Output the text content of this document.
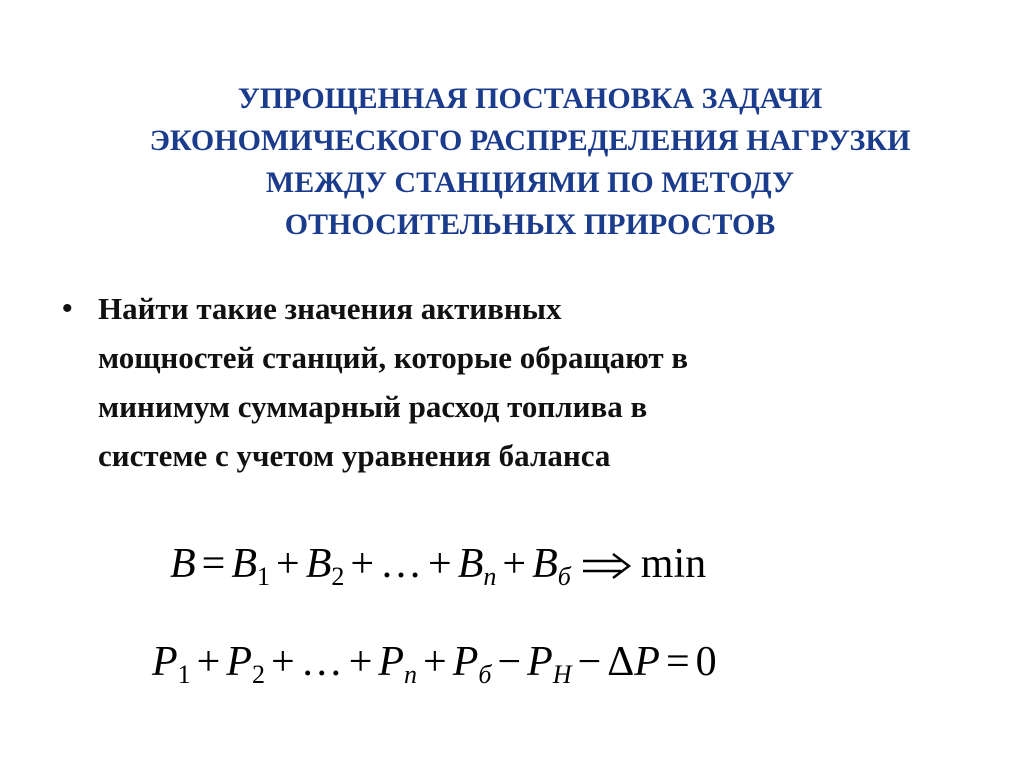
УПРОЩЕННАЯ ПОСТАНОВКА ЗАДАЧИ
ЭКОНОМИЧЕСКОГО РАСПРЕДЕЛЕНИЯ НАГРУЗКИ
МЕЖДУ СТАНЦИЯМИ ПО МЕТОДУ
ОТНОСИТЕЛЬНЫХ ПРИРОСТОВ
• Найти такие значения активных
мощностей станций, которые обращают в
минимум суммарный расход топлива в
системе с учетом уравнения баланса
$B = B_1 + B_2$ + … + $B_n + B_б$ min
$P_1 + P_2$ + … + $P_n + P_б - P_H - \Delta P = 0$
